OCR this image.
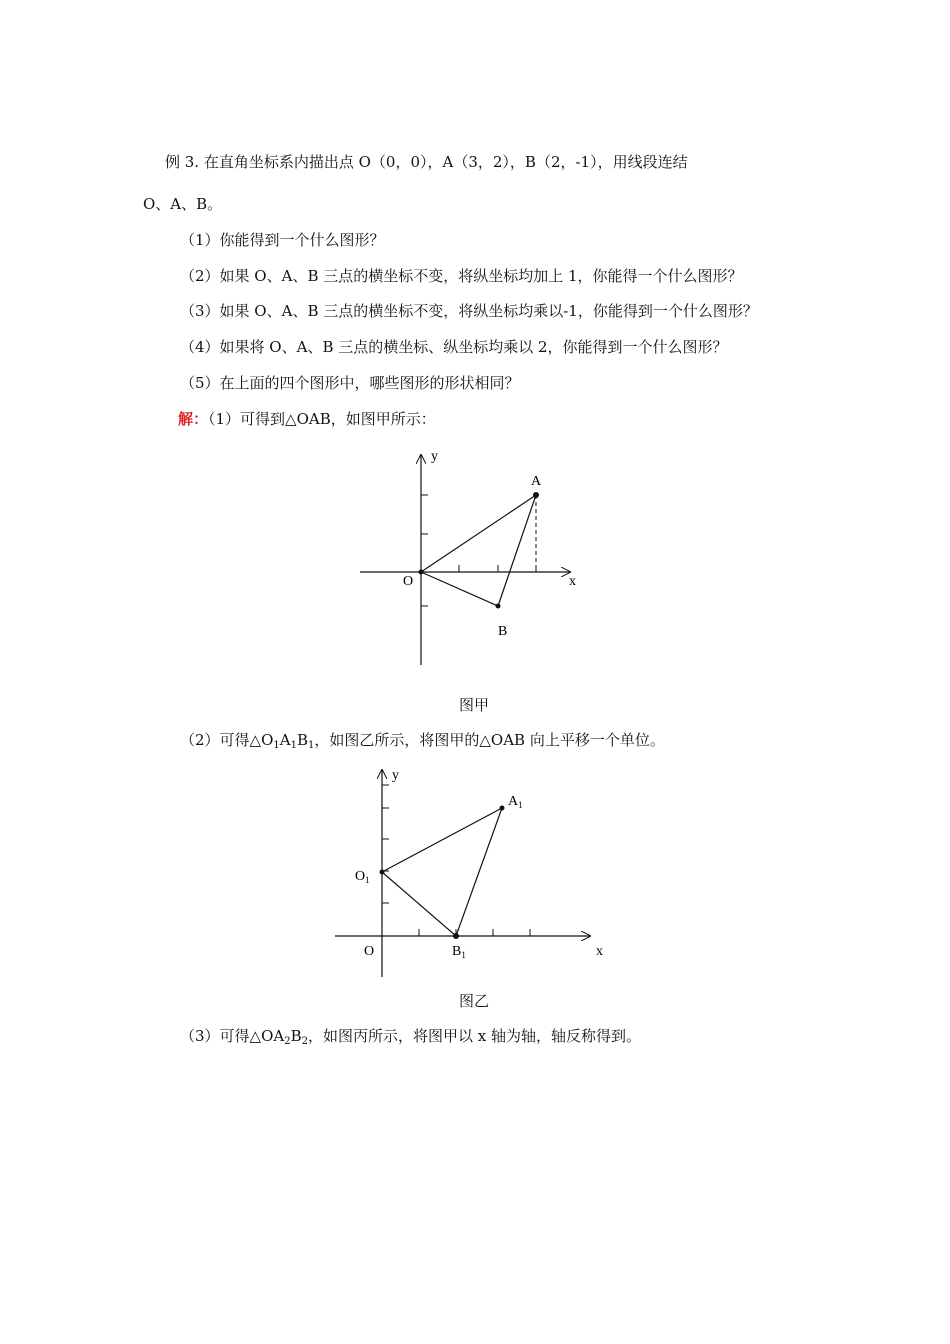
例 3. 在直角坐标系内描出点 O（0，0），A（3，2），B（2，-1），用线段连结
O、A、B。
（1）你能得到一个什么图形？
（2）如果 O、A、B 三点的横坐标不变，将纵坐标均加上 1，你能得一个什么图形？
（3）如果 O、A、B 三点的横坐标不变，将纵坐标均乘以-1，你能得到一个什么图形？
（4）如果将 O、A、B 三点的横坐标、纵坐标均乘以 2，你能得到一个什么图形？
（5）在上面的四个图形中，哪些图形的形状相同？
解：（1）可得到△OAB，如图甲所示：
y
x
O
A
B
图甲
（2）可得$\triangle O_1A_1B_1$，如图乙所示，将图甲的△OAB 向上平移一个单位。
y
x
O
$O_1$
$A_1$
$B_1$
图乙
（3）可得$\triangle OA_2B_2$，如图丙所示，将图甲以 x 轴为轴，轴反称得到。
